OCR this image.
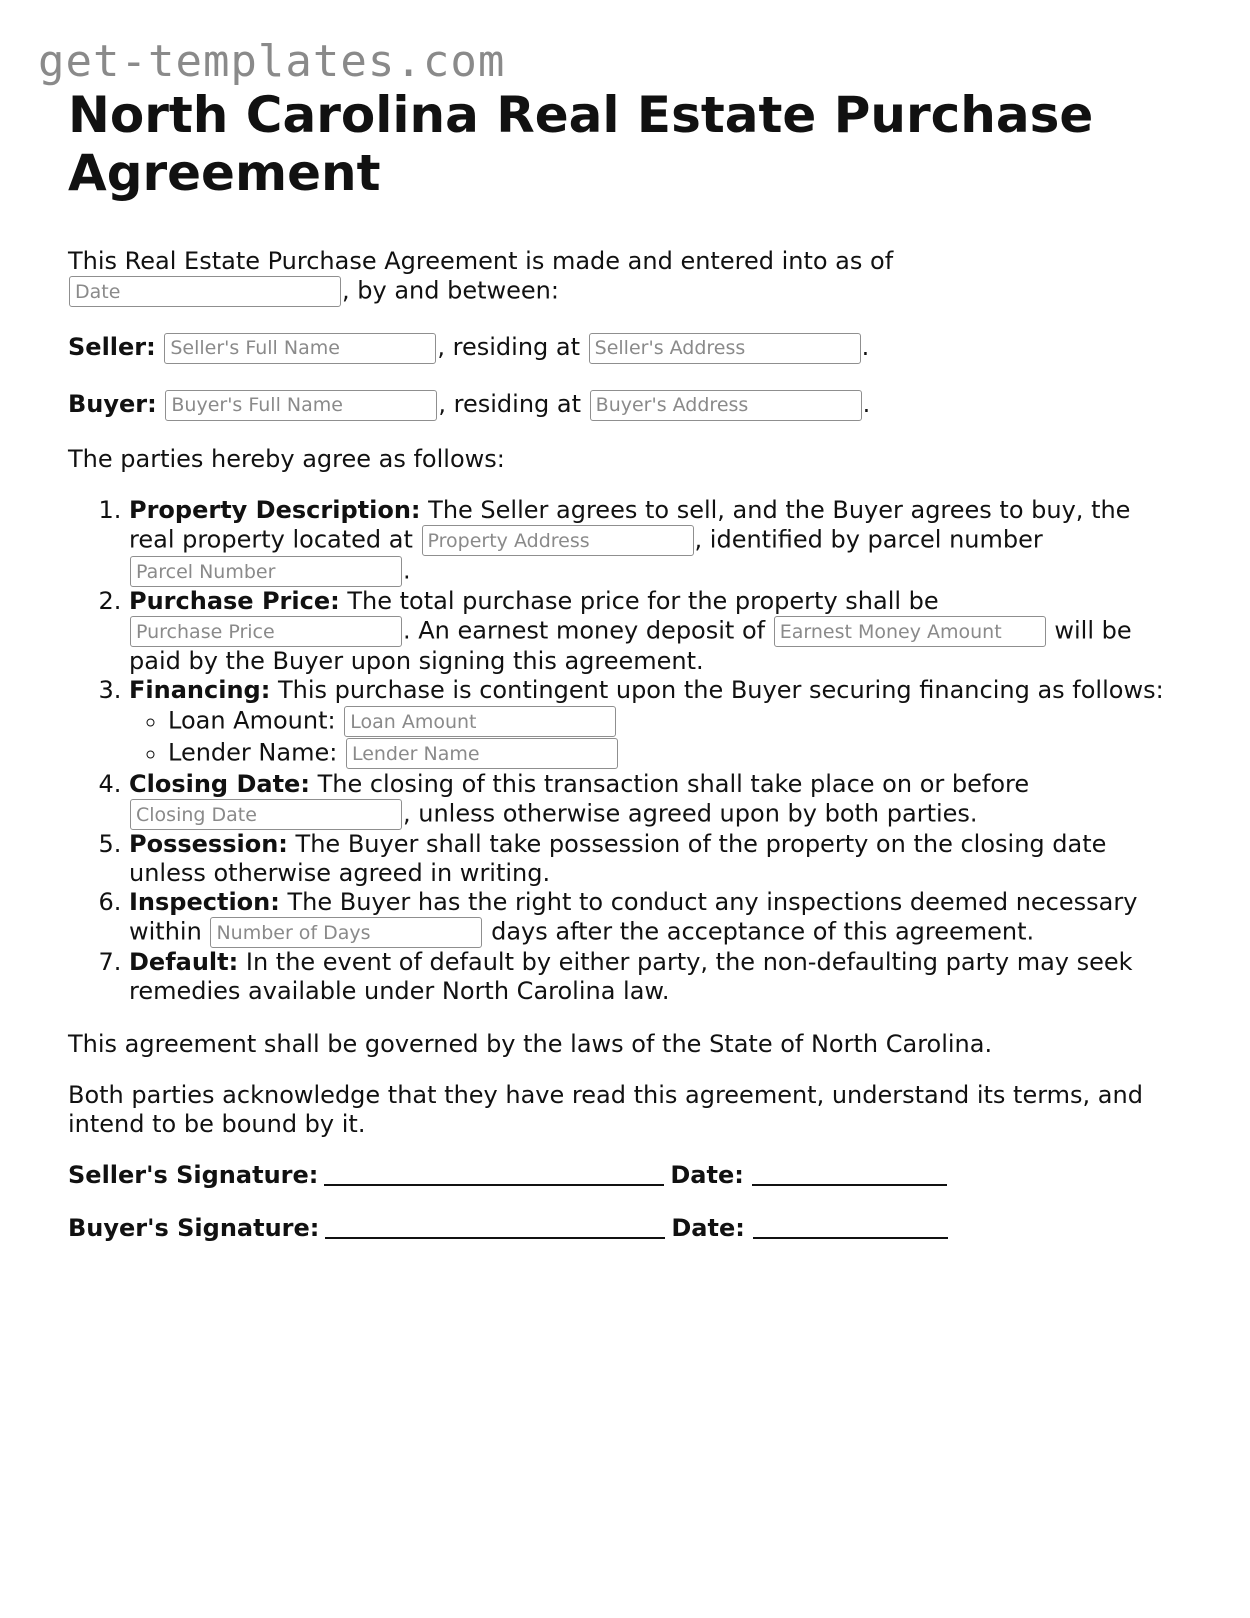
get-templates.com
North Carolina Real Estate Purchase Agreement

This Real Estate Purchase Agreement is made and entered into as of
Date, by and between:

Seller: Seller's Full Name	, residing at Seller's Address	.

Buyer: Buyer's Full Name	, residing at Buyer's Address	.

The parties hereby agree as follows:

1. Property Description: The Seller agrees to sell, and the Buyer agrees to buy, the real property located at Property Address	, identified by parcel number Parcel Number.
2. Purchase Price: The total purchase price for the property shall be Purchase Price. An earnest money deposit of Earnest Money Amount	will be paid by the Buyer upon signing this agreement.
3. Financing: This purchase is contingent upon the Buyer securing financing as follows:
◦ Loan Amount: Loan Amount
◦ Lender Name: Lender Name
4. Closing Date: The closing of this transaction shall take place on or before Closing Date, unless otherwise agreed upon by both parties.
5. Possession: The Buyer shall take possession of the property on the closing date unless otherwise agreed in writing.
6. Inspection: The Buyer has the right to conduct any inspections deemed necessary within Number of Days	days after the acceptance of this agreement.
7. Default: In the event of default by either party, the non-defaulting party may seek remedies available under North Carolina law.

This agreement shall be governed by the laws of the State of North Carolina.

Both parties acknowledge that they have read this agreement, understand its terms, and intend to be bound by it.

Seller's Signature:	Date:

Buyer's Signature:	Date:
